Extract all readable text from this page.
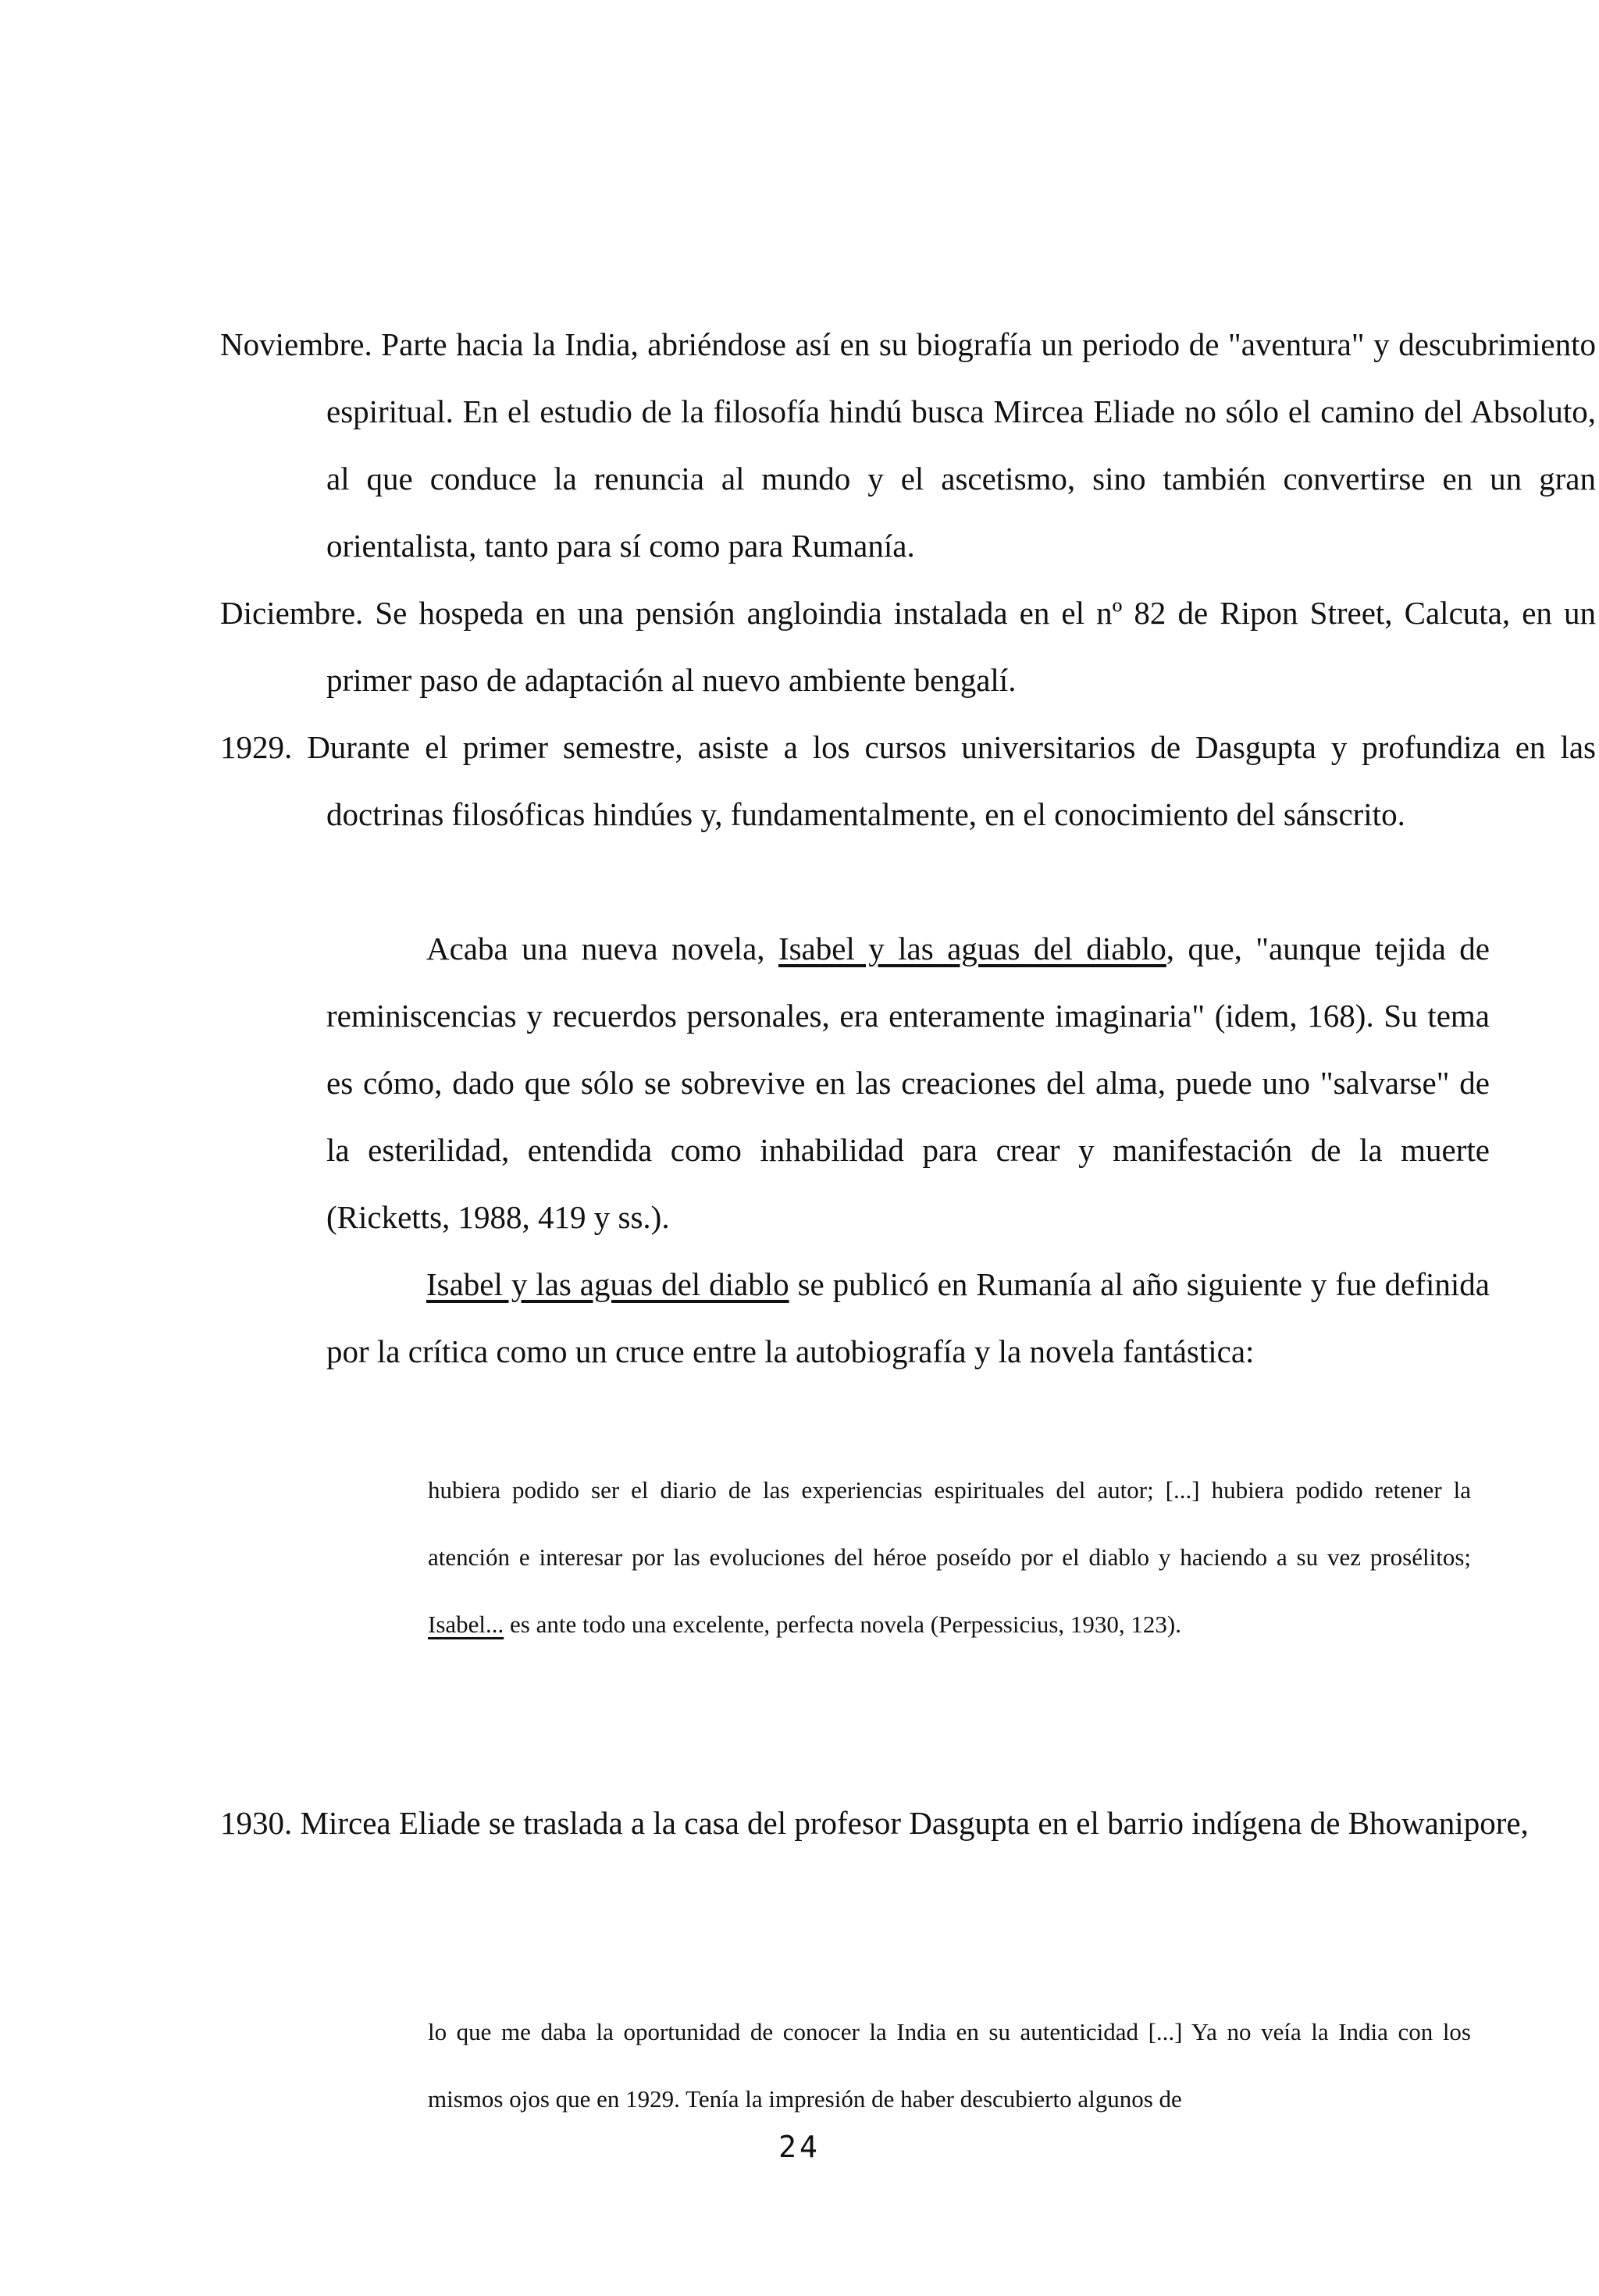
Noviembre. Parte hacia la India, abriéndose así en su biografía un periodo de "aventura" y descubrimiento espiritual. En el estudio de la filosofía hindú busca Mircea Eliade no sólo el camino del Absoluto, al que conduce la renuncia al mundo y el ascetismo, sino también convertirse en un gran orientalista, tanto para sí como para Rumanía.

Diciembre. Se hospeda en una pensión angloindia instalada en el nº 82 de Ripon Street, Calcuta, en un primer paso de adaptación al nuevo ambiente bengalí.

1929. Durante el primer semestre, asiste a los cursos universitarios de Dasgupta y profundiza en las doctrinas filosóficas hindúes y, fundamentalmente, en el conocimiento del sánscrito.

Acaba una nueva novela, Isabel y las aguas del diablo, que, "aunque tejida de reminiscencias y recuerdos personales, era enteramente imaginaria" (idem, 168). Su tema es cómo, dado que sólo se sobrevive en las creaciones del alma, puede uno "salvarse" de la esterilidad, entendida como inhabilidad para crear y manifestación de la muerte (Ricketts, 1988, 419 y ss.).

Isabel y las aguas del diablo se publicó en Rumanía al año siguiente y fue definida por la crítica como un cruce entre la autobiografía y la novela fantástica:

hubiera podido ser el diario de las experiencias espirituales del autor; [...] hubiera podido retener la atención e interesar por las evoluciones del héroe poseído por el diablo y haciendo a su vez prosélitos; Isabel... es ante todo una excelente, perfecta novela (Perpessicius, 1930, 123).

1930. Mircea Eliade se traslada a la casa del profesor Dasgupta en el barrio indígena de Bhowanipore,

lo que me daba la oportunidad de conocer la India en su autenticidad [...] Ya no veía la India con los mismos ojos que en 1929. Tenía la impresión de haber descubierto algunos de

24
